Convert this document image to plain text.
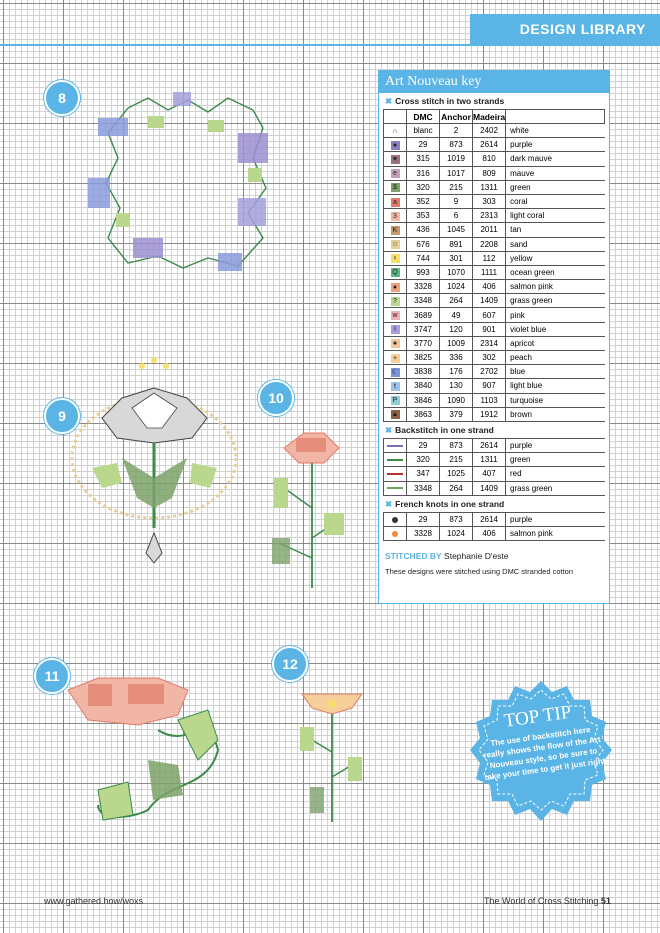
DESIGN LIBRARY
8
9
10
11
12
Art Nouveau key
✖ Cross stitch in two strands
	DMC	Anchor	Madeira	
∩	blanc	2	2402	white
●	29	873	2614	purple
♥	315	1019	810	dark mauve
e	316	1017	809	mauve
$	320	215	1311	green
a	352	9	303	coral
3	353	6	2313	light coral
K	436	1045	2011	tan
☆	676	891	2208	sand
♀	744	301	112	yellow
Q	993	1070	1111	ocean green
●	3328	1024	406	salmon pink
?	3348	264	1409	grass green
w	3689	49	607	pink
I	3747	120	901	violet blue
♠	3770	1009	2314	apricot
+	3825	336	302	peach
☾	3838	176	2702	blue
t	3840	130	907	light blue
P	3846	1090	1103	turquoise
▲	3863	379	1912	brown
✖ Backstitch in one strand
	29	873	2614	purple
	320	215	1311	green
	347	1025	407	red
	3348	264	1409	grass green
✖ French knots in one strand
	29	873	2614	purple
	3328	1024	406	salmon pink
STITCHED BY Stephanie D'este
These designs were stitched using DMC stranded cotton
TOP TIP
The use of backstitch here really shows the flow of the Art Nouveau style, so be sure to take your time to get it just right
www.gathered.how/woxs	The World of Cross Stitching 51
